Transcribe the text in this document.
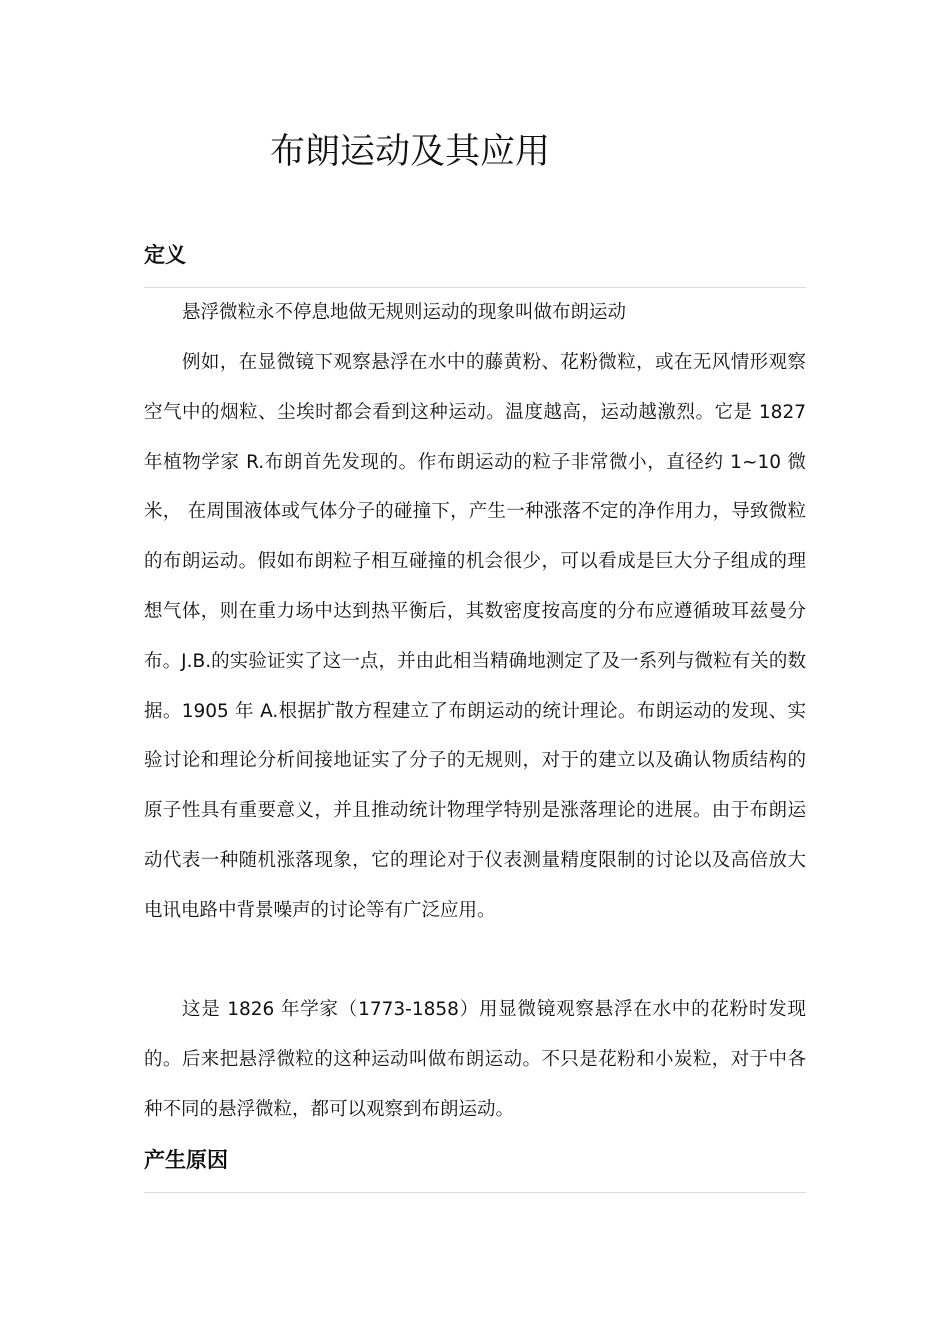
布朗运动及其应用
定义

悬浮微粒永不停息地做无规则运动的现象叫做布朗运动

例如，在显微镜下观察悬浮在水中的藤黄粉、花粉微粒，或在无风情形观察空气中的烟粒、尘埃时都会看到这种运动。温度越高，运动越激烈。它是 1827 年植物学家 R.布朗首先发现的。作布朗运动的粒子非常微小，直径约 1~10 微米， 在周围液体或气体分子的碰撞下，产生一种涨落不定的净作用力，导致微粒的布朗运动。假如布朗粒子相互碰撞的机会很少，可以看成是巨大分子组成的理想气体，则在重力场中达到热平衡后，其数密度按高度的分布应遵循玻耳兹曼分布。J.B.的实验证实了这一点，并由此相当精确地测定了及一系列与微粒有关的数据。1905 年 A.根据扩散方程建立了布朗运动的统计理论。布朗运动的发现、实验讨论和理论分析间接地证实了分子的无规则，对于的建立以及确认物质结构的原子性具有重要意义，并且推动统计物理学特别是涨落理论的进展。由于布朗运动代表一种随机涨落现象，它的理论对于仪表测量精度限制的讨论以及高倍放大电讯电路中背景噪声的讨论等有广泛应用。

这是 1826 年学家（1773-1858）用显微镜观察悬浮在水中的花粉时发现的。后来把悬浮微粒的这种运动叫做布朗运动。不只是花粉和小炭粒，对于中各种不同的悬浮微粒，都可以观察到布朗运动。

产生原因
